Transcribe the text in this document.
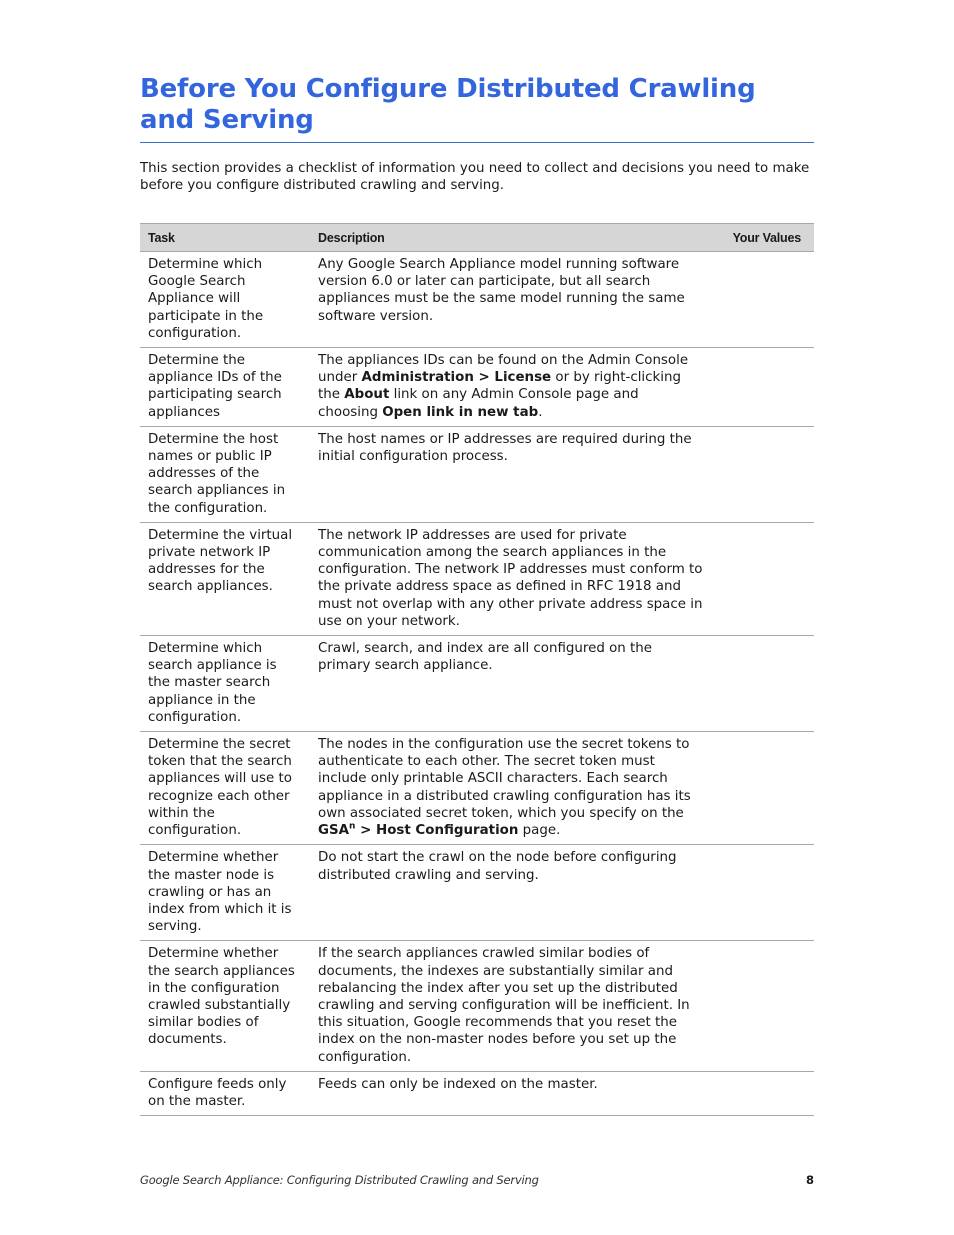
Before You Configure Distributed Crawling
and Serving

This section provides a checklist of information you need to collect and decisions you need to make before you configure distributed crawling and serving.

Task	Description	Your Values
Determine which Google Search Appliance will participate in the configuration.	Any Google Search Appliance model running software version 6.0 or later can participate, but all search appliances must be the same model running the same software version.	
Determine the appliance IDs of the participating search appliances	The appliances IDs can be found on the Admin Console under Administration > License or by right-clicking the About link on any Admin Console page and choosing Open link in new tab.	
Determine the host names or public IP addresses of the search appliances in the configuration.	The host names or IP addresses are required during the initial configuration process.	
Determine the virtual private network IP addresses for the search appliances.	The network IP addresses are used for private communication among the search appliances in the configuration. The network IP addresses must conform to the private address space as defined in RFC 1918 and must not overlap with any other private address space in use on your network.	
Determine which search appliance is the master search appliance in the configuration.	Crawl, search, and index are all configured on the primary search appliance.	
Determine the secret token that the search appliances will use to recognize each other within the configuration.	The nodes in the configuration use the secret tokens to authenticate to each other. The secret token must include only printable ASCII characters. Each search appliance in a distributed crawling configuration has its own associated secret token, which you specify on the $GSA^n$ > Host Configuration page.	
Determine whether the master node is crawling or has an index from which it is serving.	Do not start the crawl on the node before configuring distributed crawling and serving.	
Determine whether the search appliances in the configuration crawled substantially similar bodies of documents.	If the search appliances crawled similar bodies of documents, the indexes are substantially similar and rebalancing the index after you set up the distributed crawling and serving configuration will be inefficient. In this situation, Google recommends that you reset the index on the non-master nodes before you set up the configuration.	
Configure feeds only on the master.	Feeds can only be indexed on the master.	
Google Search Appliance: Configuring Distributed Crawling and Serving	8
